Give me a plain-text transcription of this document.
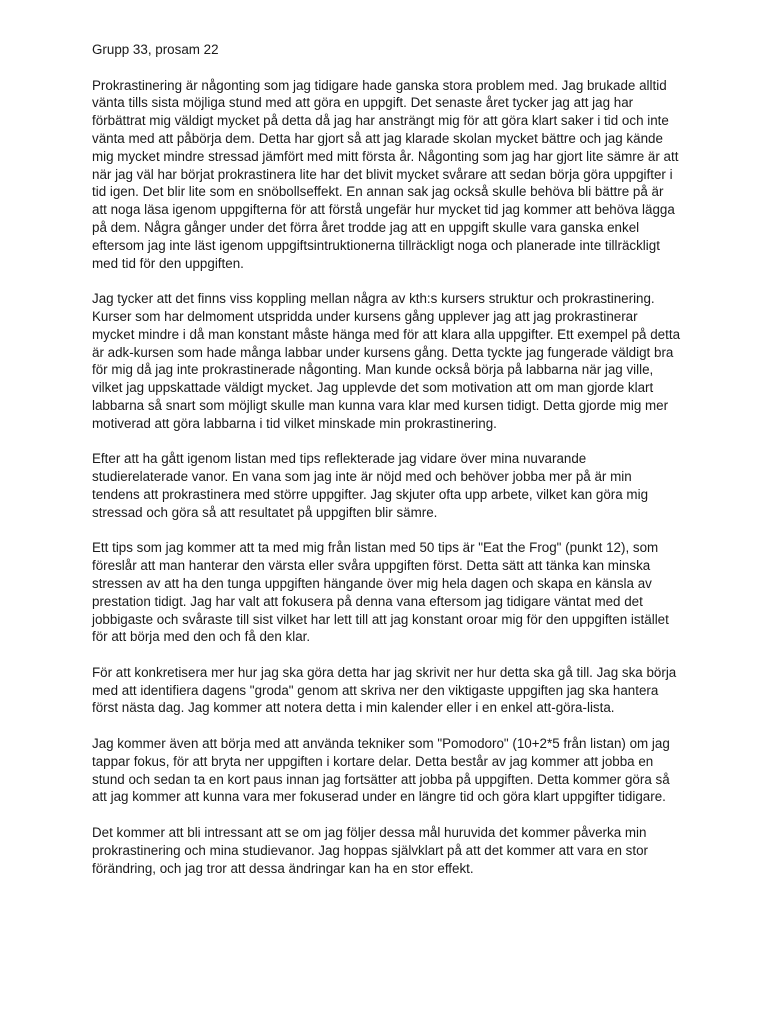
Grupp 33, prosam 22

Prokrastinering är någonting som jag tidigare hade ganska stora problem med. Jag brukade alltid vänta tills sista möjliga stund med att göra en uppgift. Det senaste året tycker jag att jag har förbättrat mig väldigt mycket på detta då jag har ansträngt mig för att göra klart saker i tid och inte vänta med att påbörja dem. Detta har gjort så att jag klarade skolan mycket bättre och jag kände mig mycket mindre stressad jämfört med mitt första år. Någonting som jag har gjort lite sämre är att när jag väl har börjat prokrastinera lite har det blivit mycket svårare att sedan börja göra uppgifter i tid igen. Det blir lite som en snöbollseffekt. En annan sak jag också skulle behöva bli bättre på är att noga läsa igenom uppgifterna för att förstå ungefär hur mycket tid jag kommer att behöva lägga på dem. Några gånger under det förra året trodde jag att en uppgift skulle vara ganska enkel eftersom jag inte läst igenom uppgiftsintruktionerna tillräckligt noga och planerade inte tillräckligt med tid för den uppgiften.

Jag tycker att det finns viss koppling mellan några av kth:s kursers struktur och prokrastinering. Kurser som har delmoment utspridda under kursens gång upplever jag att jag prokrastinerar mycket mindre i då man konstant måste hänga med för att klara alla uppgifter. Ett exempel på detta är adk-kursen som hade många labbar under kursens gång. Detta tyckte jag fungerade väldigt bra för mig då jag inte prokrastinerade någonting. Man kunde också börja på labbarna när jag ville, vilket jag uppskattade väldigt mycket. Jag upplevde det som motivation att om man gjorde klart labbarna så snart som möjligt skulle man kunna vara klar med kursen tidigt. Detta gjorde mig mer motiverad att göra labbarna i tid vilket minskade min prokrastinering.

Efter att ha gått igenom listan med tips reflekterade jag vidare över mina nuvarande studierelaterade vanor. En vana som jag inte är nöjd med och behöver jobba mer på är min tendens att prokrastinera med större uppgifter. Jag skjuter ofta upp arbete, vilket kan göra mig stressad och göra så att resultatet på uppgiften blir sämre.

Ett tips som jag kommer att ta med mig från listan med 50 tips är "Eat the Frog" (punkt 12), som föreslår att man hanterar den värsta eller svåra uppgiften först. Detta sätt att tänka kan minska stressen av att ha den tunga uppgiften hängande över mig hela dagen och skapa en känsla av prestation tidigt. Jag har valt att fokusera på denna vana eftersom jag tidigare väntat med det jobbigaste och svåraste till sist vilket har lett till att jag konstant oroar mig för den uppgiften istället för att börja med den och få den klar.

För att konkretisera mer hur jag ska göra detta har jag skrivit ner hur detta ska gå till. Jag ska börja med att identifiera dagens "groda" genom att skriva ner den viktigaste uppgiften jag ska hantera först nästa dag. Jag kommer att notera detta i min kalender eller i en enkel att-göra-lista.

Jag kommer även att börja med att använda tekniker som "Pomodoro" (10+2*5 från listan) om jag tappar fokus, för att bryta ner uppgiften i kortare delar. Detta består av jag kommer att jobba en stund och sedan ta en kort paus innan jag fortsätter att jobba på uppgiften. Detta kommer göra så att jag kommer att kunna vara mer fokuserad under en längre tid och göra klart uppgifter tidigare.

Det kommer att bli intressant att se om jag följer dessa mål huruvida det kommer påverka min prokrastinering och mina studievanor. Jag hoppas självklart på att det kommer att vara en stor förändring, och jag tror att dessa ändringar kan ha en stor effekt.
